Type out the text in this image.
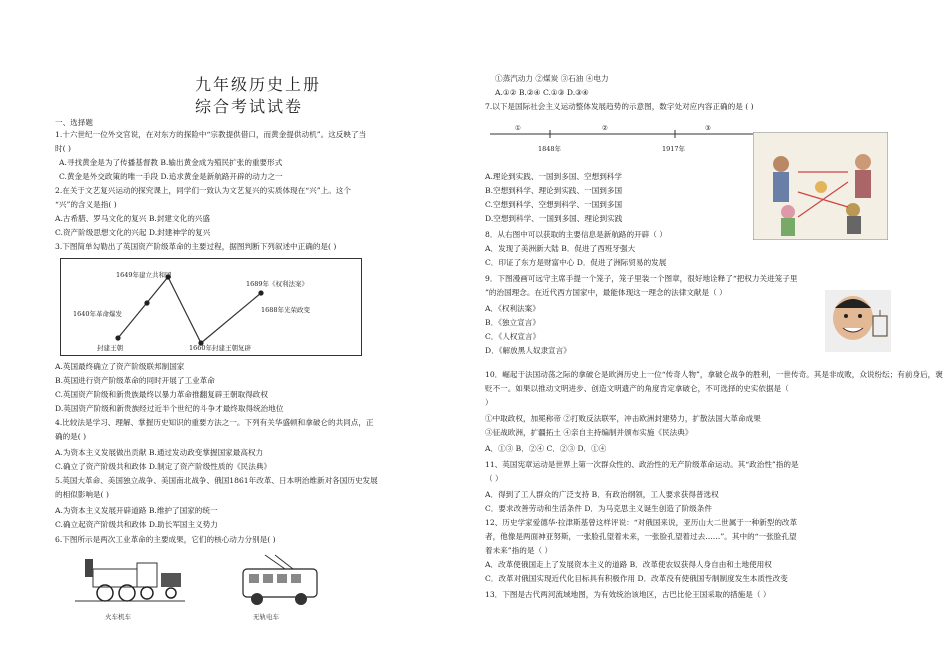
九年级历史上册
综合考试试卷
一、选择题
1.十六世纪一位外交官说，在对东方的探险中“宗教提供借口，而黄金提供动机”。这反映了当
时( )
A.寻找黄金是为了传播基督教 B.输出黄金成为殖民扩张的重要形式
C.黄金是外交政策的唯一手段 D.追求黄金是新航路开辟的动力之一
2.在关于文艺复兴运动的探究课上，同学们一致认为文艺复兴的实质体现在“兴”上。这个
“兴”的含义是指( )
A.古希腊、罗马文化的复兴 B.封建文化的兴盛
C.资产阶级思想文化的兴起 D.封建神学的复兴
3.下图简单勾勒出了英国资产阶级革命的主要过程，据图判断下列叙述中正确的是( )
1649年建立共和国
1689年《权利法案》
1640年革命爆发	1688年光荣政变
封建王朝	1660年封建王朝复辟
A.英国最终确立了资产阶级联邦制国家
B.英国进行资产阶级革命的同时开展了工业革命
C.英国资产阶级和新贵族最终以暴力革命推翻复辟王朝取得政权
D.英国资产阶级和新贵族经过近半个世纪的斗争才最终取得统治地位
4.比较法是学习、理解、掌握历史知识的重要方法之一。下列有关华盛顿和拿破仑的共同点，正
确的是( )
A.为资本主义发展做出贡献 B.通过发动政变掌握国家最高权力
C.确立了资产阶级共和政体 D.制定了资产阶级性质的《民法典》
5.英国大革命、美国独立战争、美国南北战争、俄国1861年改革、日本明治维新对各国历史发展
的相似影响是( )
A.为资本主义发展开辟道路 B.维护了国家的统一
C.确立起资产阶级共和政体 D.助长军国主义势力
6.下图所示是两次工业革命的主要成果，它们的核心动力分别是( )
火车机车	无轨电车
①蒸汽动力 ②煤炭 ③石油 ④电力
A.①② B.②④ C.①③ D.③④
7.以下是国际社会主义运动整体发展趋势的示意图，数字处对应内容正确的是 ( )
①	②	③
1848年	1917年
A.理论到实践、一国到多国、空想到科学
B.空想到科学、理论到实践、一国到多国
C.空想到科学、空想到科学、一国到多国
D.空想到科学、一国到多国、理论到实践
8．从右图中可以获取的主要信息是新航路的开辟（ ）
A．发现了美洲新大陆 B．促进了西班牙强大
C．印证了东方是财富中心 D．促进了洲际贸易的发展
9．下图漫画可远守主席手提一个笼子，笼子里装一个图章，很好地诠释了“把权力关进笼子里
”的治国理念。在近代西方国家中，最能体现这一理念的法律文献是（ ）
A．《权利法案》
B．《独立宣言》
C．《人权宣言》
D．《解放黑人奴隶宣言》
10．崛起于法国动荡之际的拿破仑是欧洲历史上一位“传奇人物”，拿破仑战争的胜利，一世传奇。其是非成败，众说纷纭；有前身后，褒
贬不一。如果以推动文明进步、创造文明遗产的角度肯定拿破仑，不可选择的史实依据是（
）
①中取政权，加冕称帝 ②打败反法联军，冲击欧洲封建势力，扩散法国大革命成果
③征战欧洲，扩疆拓土 ④亲自主持编制并颁布实施《民法典》
A．①③ B．②④ C．②③ D．①④
11、英国宪章运动是世界上第一次群众性的、政治性的无产阶级革命运动。其“政治性”指的是
（ ）
A．得到了工人群众的广泛支持 B．有政治纲领，工人要求获得普选权
C．要求改善劳动和生活条件 D．为马克思主义诞生创造了阶级条件
12、历史学家爱德华·拉津斯基曾这样评说：“对俄国来说，亚历山大二世属于一种新型的改革
者，他像是两面神亚努斯，一张脸孔望着未来，一张脸孔望着过去……”。其中的“一张脸孔望
着未来”指的是（ ）
A．改革使俄国走上了发展资本主义的道路 B．改革使农奴获得人身自由和土地使用权
C．改革对俄国实现近代化目标具有积极作用 D．改革没有使俄国专制制度发生本质性改变
13．下图是古代两河流域地图，为有效统治该地区，古巴比伦王国采取的措施是（ ）
